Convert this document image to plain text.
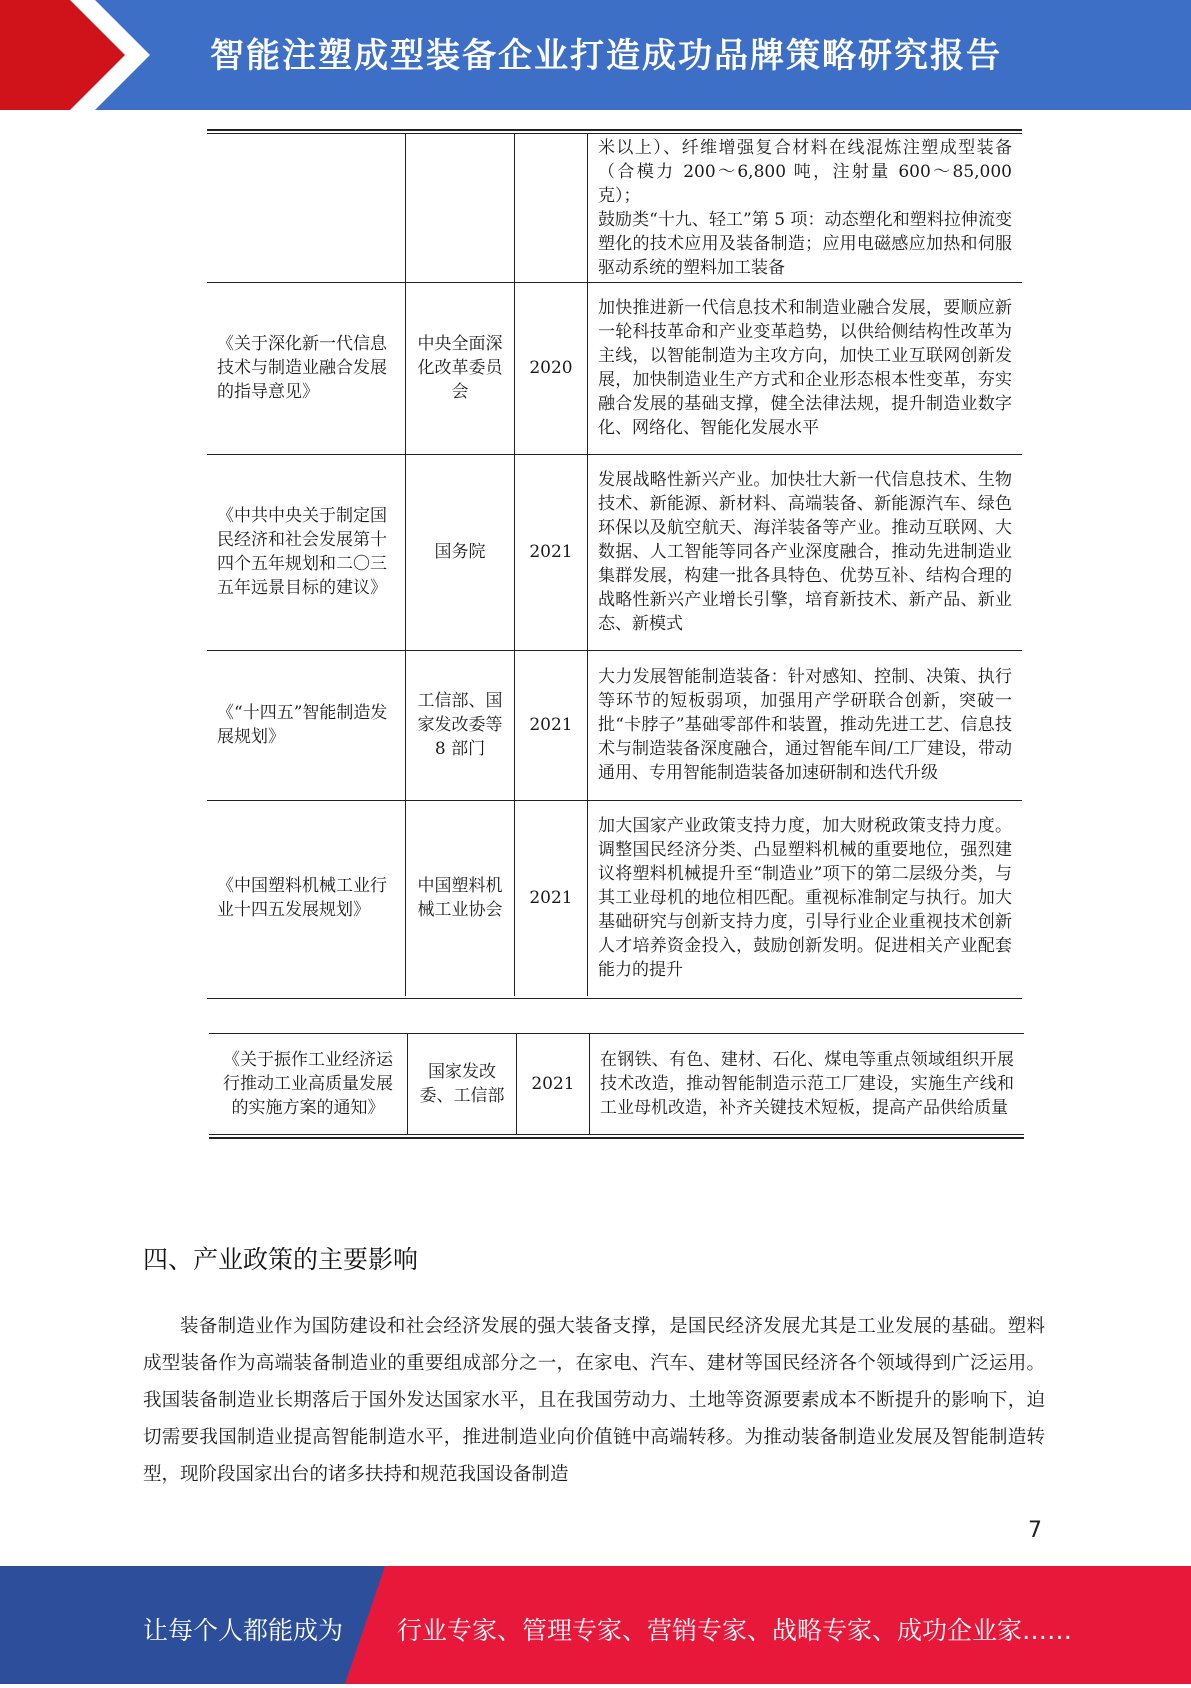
智能注塑成型装备企业打造成功品牌策略研究报告
			米以上）、纤维增强复合材料在线混炼注塑成型装备（合模力 200～6,800 吨，注射量 600～85,000 克）；
鼓励类“十九、轻工”第 5 项：动态塑化和塑料拉伸流变塑化的技术应用及装备制造；应用电磁感应加热和伺服驱动系统的塑料加工装备
《关于深化新一代信息技术与制造业融合发展的指导意见》	中央全面深化改革委员会	2020	加快推进新一代信息技术和制造业融合发展，要顺应新一轮科技革命和产业变革趋势，以供给侧结构性改革为主线，以智能制造为主攻方向，加快工业互联网创新发展，加快制造业生产方式和企业形态根本性变革，夯实融合发展的基础支撑，健全法律法规，提升制造业数字化、网络化、智能化发展水平
《中共中央关于制定国民经济和社会发展第十四个五年规划和二〇三五年远景目标的建议》	国务院	2021	发展战略性新兴产业。加快壮大新一代信息技术、生物技术、新能源、新材料、高端装备、新能源汽车、绿色环保以及航空航天、海洋装备等产业。推动互联网、大数据、人工智能等同各产业深度融合，推动先进制造业集群发展，构建一批各具特色、优势互补、结构合理的战略性新兴产业增长引擎，培育新技术、新产品、新业态、新模式
《“十四五”智能制造发展规划》	工信部、国家发改委等 8 部门	2021	大力发展智能制造装备：针对感知、控制、决策、执行等环节的短板弱项，加强用产学研联合创新，突破一批“卡脖子”基础零部件和装置，推动先进工艺、信息技术与制造装备深度融合，通过智能车间/工厂建设，带动通用、专用智能制造装备加速研制和迭代升级
《中国塑料机械工业行业十四五发展规划》	中国塑料机械工业协会	2021	加大国家产业政策支持力度，加大财税政策支持力度。调整国民经济分类、凸显塑料机械的重要地位，强烈建议将塑料机械提升至“制造业”项下的第二层级分类，与其工业母机的地位相匹配。重视标准制定与执行。加大基础研究与创新支持力度，引导行业企业重视技术创新人才培养资金投入，鼓励创新发明。促进相关产业配套能力的提升
《关于振作工业经济运行推动工业高质量发展的实施方案的通知》	国家发改委、工信部	2021	在钢铁、有色、建材、石化、煤电等重点领域组织开展技术改造，推动智能制造示范工厂建设，实施生产线和工业母机改造，补齐关键技术短板，提高产品供给质量
四、产业政策的主要影响
装备制造业作为国防建设和社会经济发展的强大装备支撑，是国民经济发展尤其是工业发展的基础。塑料成型装备作为高端装备制造业的重要组成部分之一，在家电、汽车、建材等国民经济各个领域得到广泛运用。我国装备制造业长期落后于国外发达国家水平，且在我国劳动力、土地等资源要素成本不断提升的影响下，迫切需要我国制造业提高智能制造水平，推进制造业向价值链中高端转移。为推动装备制造业发展及智能制造转型，现阶段国家出台的诸多扶持和规范我国设备制造
7
让每个人都能成为 行业专家、管理专家、营销专家、战略专家、成功企业家……
